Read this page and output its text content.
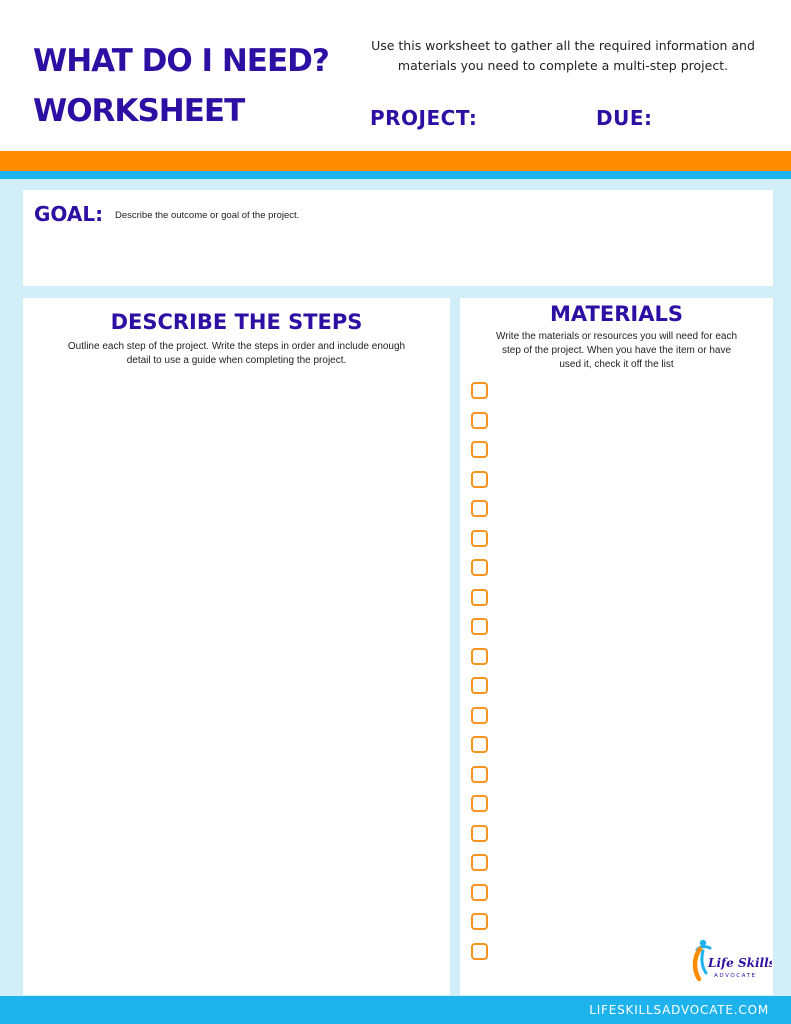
WHAT DO I NEED?
WORKSHEET
Use this worksheet to gather all the required information and
materials you need to complete a multi-step project.
PROJECT:	DUE:
GOAL: Describe the outcome or goal of the project.
DESCRIBE THE STEPS
Outline each step of the project. Write the steps in order and include enough
detail to use a guide when completing the project.
MATERIALS
Write the materials or resources you will need for each
step of the project. When you have the item or have
used it, check it off the list
Life Skills
ADVOCATE
LIFESKILLSADVOCATE.COM
